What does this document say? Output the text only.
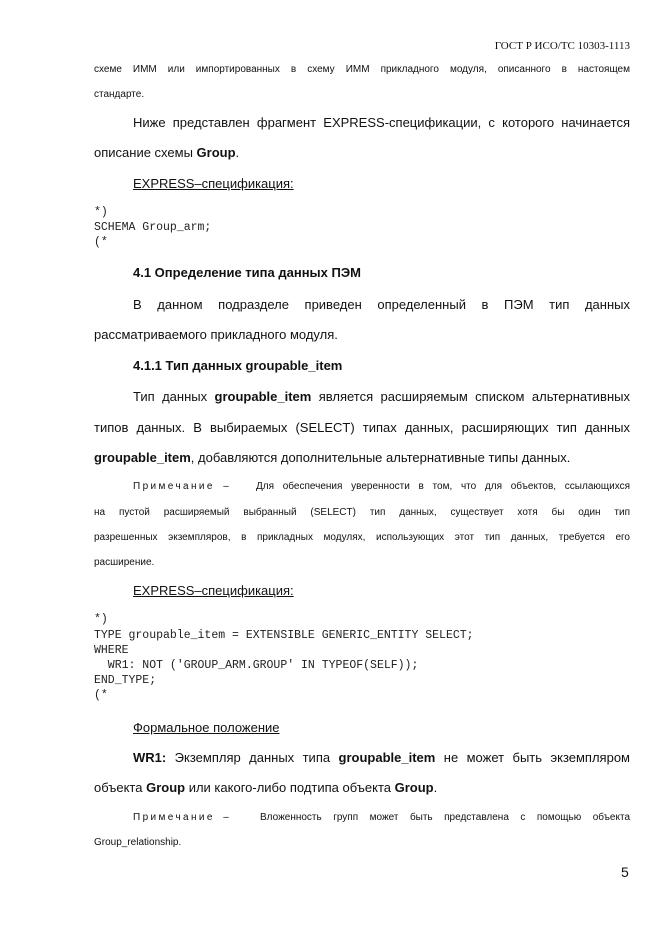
ГОСТ Р ИСО/ТС 10303-1113
схеме ИММ или импортированных в схему ИММ прикладного модуля, описанного в настоящем
стандарте.
Ниже представлен фрагмент EXPRESS-спецификации, с которого начинается
описание схемы Group.
EXPRESS–спецификация:
*)
SCHEMA Group_arm;
(*
4.1 Определение типа данных ПЭМ
В данном подразделе приведен определенный в ПЭМ тип данных
рассматриваемого прикладного модуля.
4.1.1 Тип данных groupable_item
Тип данных groupable_item является расширяемым списком альтернативных
типов данных. В выбираемых (SELECT) типах данных, расширяющих тип данных
groupable_item, добавляются дополнительные альтернативные типы данных.
Примечание –	Для обеспечения уверенности в том, что для объектов, ссылающихся
на пустой расширяемый выбранный (SELECT) тип данных, существует хотя бы один тип
разрешенных экземпляров, в прикладных модулях, использующих этот тип данных, требуется его
расширение.
EXPRESS–спецификация:
*)
TYPE groupable_item = EXTENSIBLE GENERIC_ENTITY SELECT;
WHERE
WR1: NOT ('GROUP_ARM.GROUP' IN TYPEOF(SELF));
END_TYPE;
(*
Формальное положение
WR1: Экземпляр данных типа groupable_item не может быть экземпляром
объекта Group или какого-либо подтипа объекта Group.
Примечание –	Вложенность групп может быть представлена с помощью объекта
Group_relationship.
5
